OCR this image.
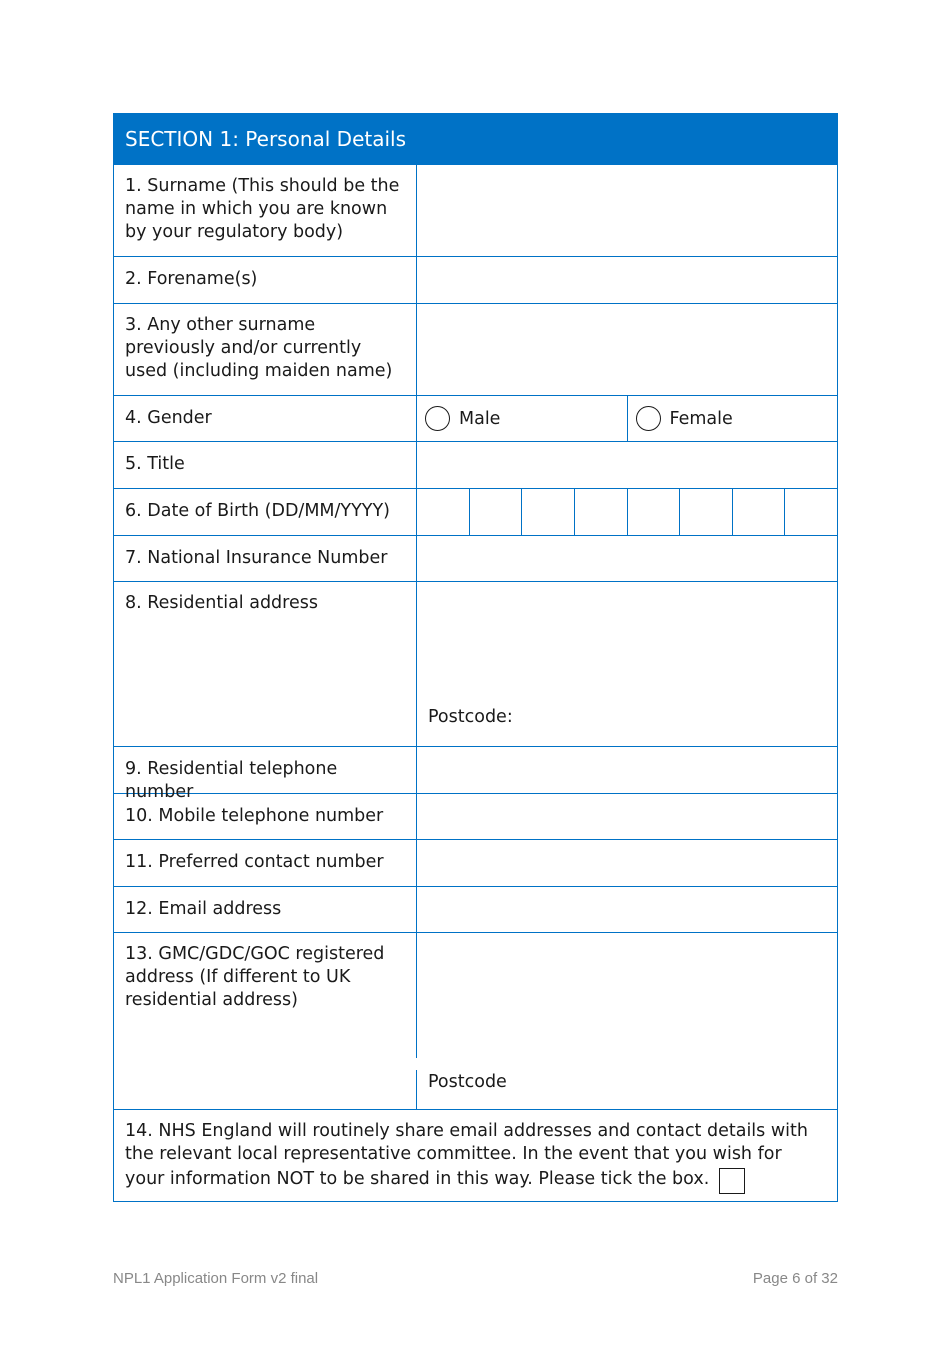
SECTION 1: Personal Details
1. Surname (This should be the name in which you are known by your regulatory body)
2. Forename(s)
3. Any other surname previously and/or currently used (including maiden name)
4. Gender	Male	Female
5. Title
6. Date of Birth (DD/MM/YYYY)
7. National Insurance Number
8. Residential address
Postcode:
9. Residential telephone number
10. Mobile telephone number
11. Preferred contact number
12. Email address
13. GMC/GDC/GOC registered address (If different to UK residential address)
Postcode
14. NHS England will routinely share email addresses and contact details with the relevant local representative committee. In the event that you wish for your information NOT to be shared in this way. Please tick the box.
NPL1 Application Form v2 final	Page 6 of 32
